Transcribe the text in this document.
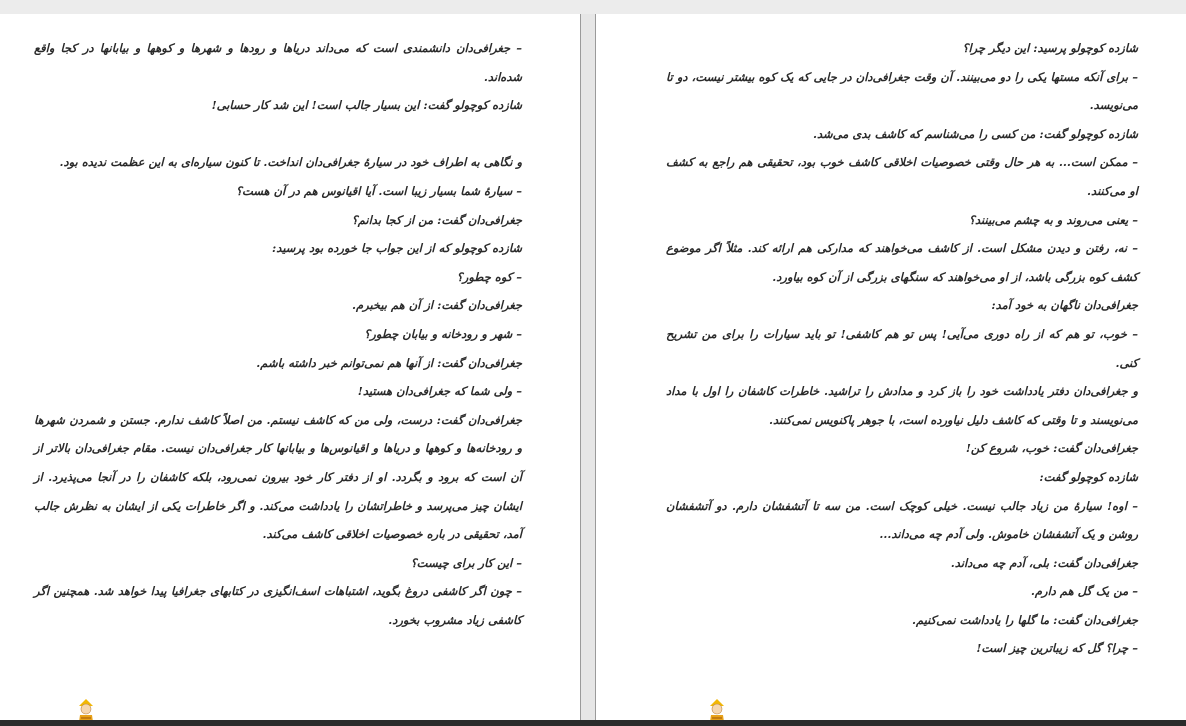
– جغرافی‌دان دانشمندی است که می‌داند دریاها و رودها و شهرها و کوهها و بیابانها در کجا واقع شده‌اند.

شازده کوچولو گفت: این بسیار جالب است! این شد کار حسابی!

و نگاهی به اطراف خود در سیارهٔ جغرافی‌دان انداخت. تا کنون سیاره‌ای به این عظمت ندیده بود.

– سیارهٔ شما بسیار زیبا است. آیا اقیانوس هم در آن هست؟

جغرافی‌دان گفت: من از کجا بدانم؟

شازده کوچولو که از این جواب جا خورده بود پرسید:

– کوه چطور؟

جغرافی‌دان گفت: از آن هم بیخبرم.

– شهر و رودخانه و بیابان چطور؟

جغرافی‌دان گفت: از آنها هم نمی‌توانم خبر داشته باشم.

– ولی شما که جغرافی‌دان هستید!

جغرافی‌دان گفت: درست، ولی من که کاشف نیستم. من اصلاً کاشف ندارم. جستن و شمردن شهرها و رودخانه‌ها و کوهها و دریاها و اقیانوس‌ها و بیابانها کار جغرافی‌دان نیست. مقام جغرافی‌دان بالاتر از آن است که برود و بگردد. او از دفتر کار خود بیرون نمی‌رود، بلکه کاشفان را در آنجا می‌پذیرد. از ایشان چیز می‌پرسد و خاطراتشان را یادداشت می‌کند. و اگر خاطرات یکی از ایشان به نظرش جالب آمد، تحقیقی در باره خصوصیات اخلاقی کاشف می‌کند.

– این کار برای چیست؟

– چون اگر کاشفی دروغ بگوید، اشتباهات اسف‌انگیزی در کتابهای جغرافیا پیدا خواهد شد. همچنین اگر کاشفی زیاد مشروب بخورد.

شازده کوچولو پرسید: این دیگر چرا؟

– برای آنکه مستها یکی را دو می‌بینند. آن وقت جغرافی‌دان در جایی که یک کوه بیشتر نیست، دو تا می‌نویسد.

شازده کوچولو گفت: من کسی را می‌شناسم که کاشف بدی می‌شد.

– ممکن است... به هر حال وقتی خصوصیات اخلاقی کاشف خوب بود، تحقیقی هم راجع به کشف او می‌کنند.

– یعنی می‌روند و به چشم می‌بینند؟

– نه، رفتن و دیدن مشکل است. از کاشف می‌خواهند که مدارکی هم ارائه کند. مثلاً اگر موضوع کشف کوه بزرگی باشد، از او می‌خواهند که سنگهای بزرگی از آن کوه بیاورد.

جغرافی‌دان ناگهان به خود آمد:

– خوب، تو هم که از راه دوری می‌آیی! پس تو هم کاشفی! تو باید سیارات را برای من تشریح کنی.

و جغرافی‌دان دفتر یادداشت خود را باز کرد و مدادش را تراشید. خاطرات کاشفان را اول با مداد می‌نویسند و تا وقتی که کاشف دلیل نیاورده است، با جوهر پاکنویس نمی‌کنند.

جغرافی‌دان گفت: خوب، شروع کن!

شازده کوچولو گفت:

– اوه! سیارهٔ من زیاد جالب نیست. خیلی کوچک است. من سه تا آتشفشان دارم. دو آتشفشان روشن و یک آتشفشان خاموش. ولی آدم چه می‌داند...

جغرافی‌دان گفت: بلی، آدم چه می‌داند.

– من یک گل هم دارم.

جغرافی‌دان گفت: ما گلها را یادداشت نمی‌کنیم.

– چرا؟ گل که زیباترین چیز است!
